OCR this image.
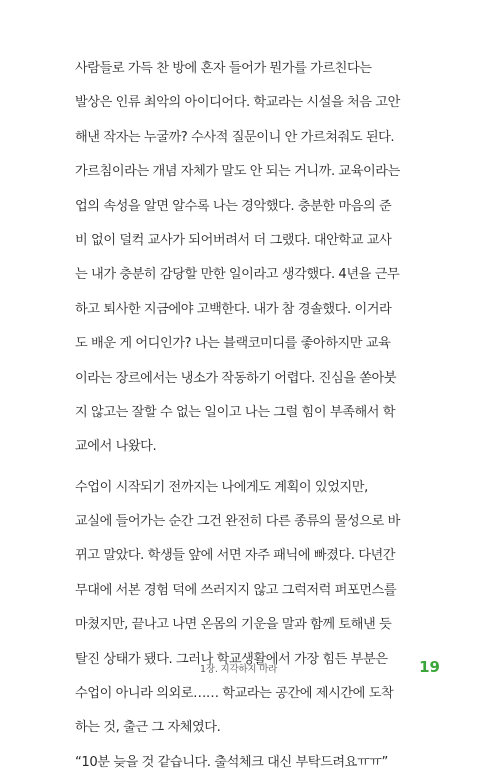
사람들로 가득 찬 방에 혼자 들어가 뭔가를 가르친다는
발상은 인류 최악의 아이디어다. 학교라는 시설을 처음 고안
해낸 작자는 누굴까? 수사적 질문이니 안 가르쳐줘도 된다.
가르침이라는 개념 자체가 말도 안 되는 거니까. 교육이라는
업의 속성을 알면 알수록 나는 경악했다. 충분한 마음의 준
비 없이 덜컥 교사가 되어버려서 더 그랬다. 대안학교 교사
는 내가 충분히 감당할 만한 일이라고 생각했다. 4년을 근무
하고 퇴사한 지금에야 고백한다. 내가 참 경솔했다. 이거라
도 배운 게 어디인가? 나는 블랙코미디를 좋아하지만 교육
이라는 장르에서는 냉소가 작동하기 어렵다. 진심을 쏟아붓
지 않고는 잘할 수 없는 일이고 나는 그럴 힘이 부족해서 학
교에서 나왔다.
수업이 시작되기 전까지는 나에게도 계획이 있었지만,
교실에 들어가는 순간 그건 완전히 다른 종류의 물성으로 바
뀌고 말았다. 학생들 앞에 서면 자주 패닉에 빠졌다. 다년간
무대에 서본 경험 덕에 쓰러지지 않고 그럭저럭 퍼포먼스를
마쳤지만, 끝나고 나면 온몸의 기운을 말과 함께 토해낸 듯
탈진 상태가 됐다. 그러나 학교생활에서 가장 힘든 부분은
수업이 아니라 의외로…… 학교라는 공간에 제시간에 도착
하는 것, 출근 그 자체였다.
“10분 늦을 것 같습니다. 출석체크 대신 부탁드려요ㅠㅠ”
1장. 지각하지 마라	19
